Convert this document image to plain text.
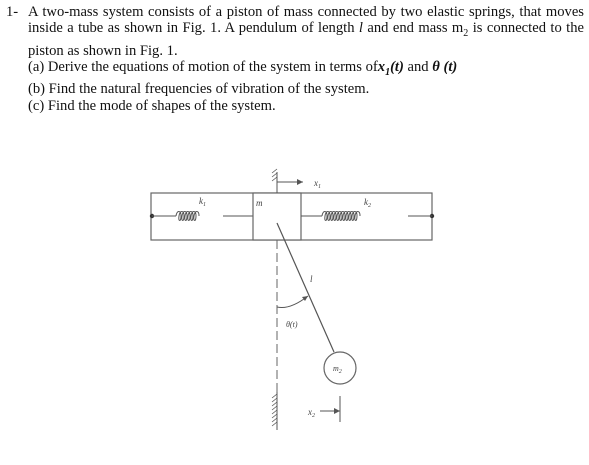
1- A two-mass system consists of a piston of mass connected by two elastic springs, that moves inside a tube as shown in Fig. 1. A pendulum of length l and end mass $m_2$ is connected to the piston as shown in Fig. 1.

(a) Derive the equations of motion of the system in terms ofx$_1$(t) and θ (t)

(b) Find the natural frequencies of vibration of the system.

(c) Find the mode of shapes of the system.

$x_1$
$k_1$	m	$k_2$
l
θ(t)
$m_2$
$x_2$
